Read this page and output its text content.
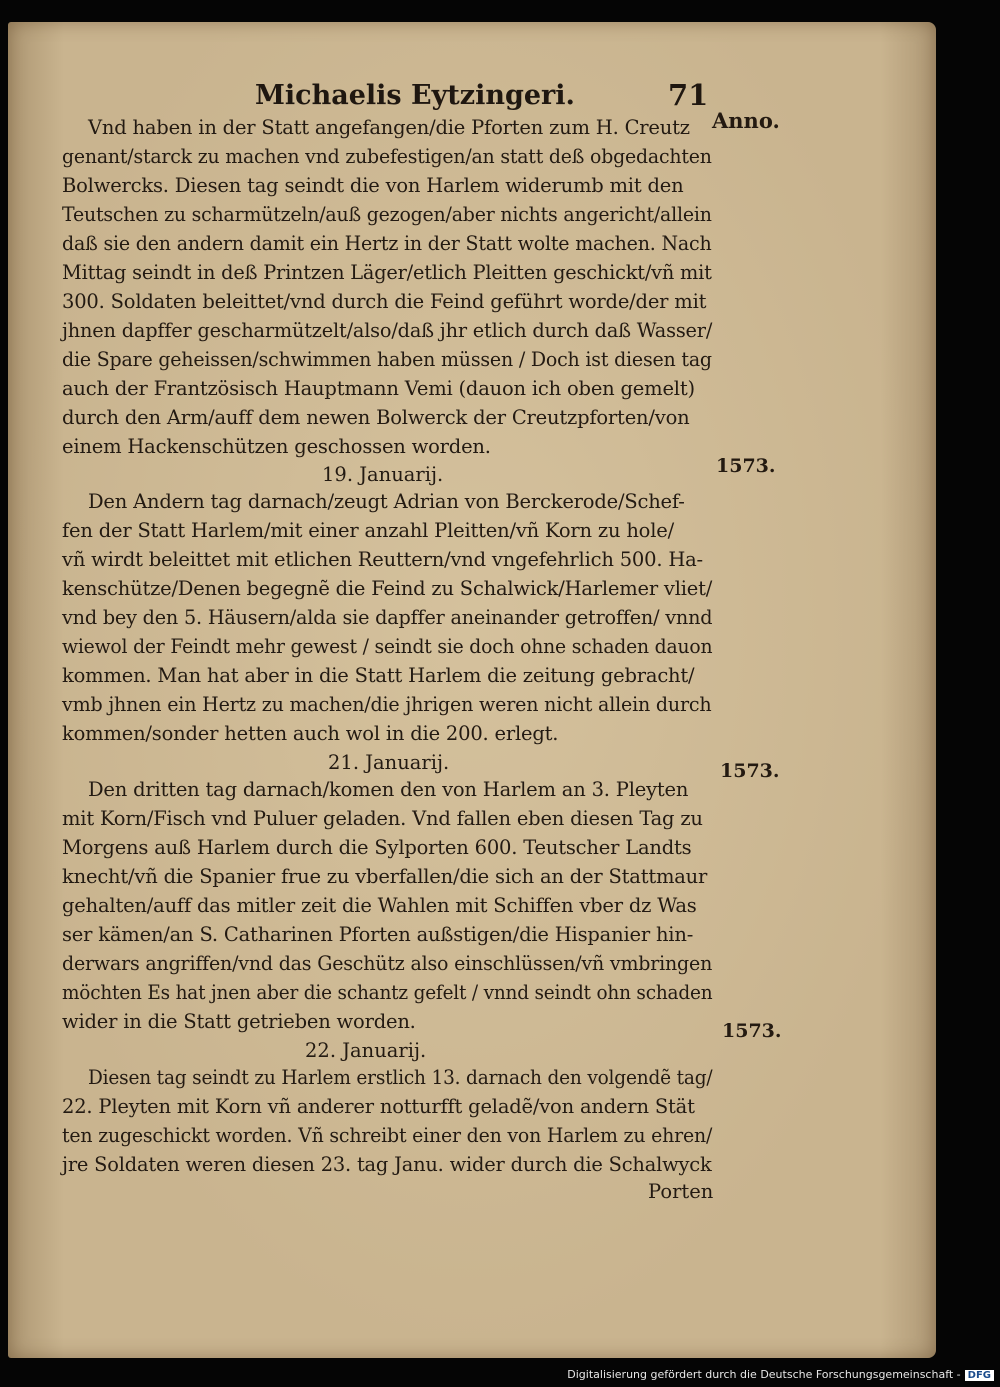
Michaelis Eytzingeri.	71
Anno.
Vnd haben in der Statt angefangen/die Pforten zum H. Creutz
genant/starck zu machen vnd zubefestigen/an statt deß obgedachten
Bolwercks. Diesen tag seindt die von Harlem widerumb mit den
Teutschen zu scharmützeln/auß gezogen/aber nichts angericht/allein
daß sie den andern damit ein Hertz in der Statt wolte machen. Nach
Mittag seindt in deß Printzen Läger/etlich Pleitten geschickt/vñ mit
300. Soldaten beleittet/vnd durch die Feind geführt worde/der mit
jhnen dapffer gescharmützelt/also/daß jhr etlich durch daß Wasser/
die Spare geheissen/schwimmen haben müssen / Doch ist diesen tag
auch der Frantzösisch Hauptmann Vemi (dauon ich oben gemelt)
durch den Arm/auff dem newen Bolwerck der Creutzpforten/von
einem Hackenschützen geschossen worden.
19. Januarij.	1573.
Den Andern tag darnach/zeugt Adrian von Berckerode/Schef-
fen der Statt Harlem/mit einer anzahl Pleitten/vñ Korn zu hole/
vñ wirdt beleittet mit etlichen Reuttern/vnd vngefehrlich 500. Ha-
kenschütze/Denen begegnẽ die Feind zu Schalwick/Harlemer vliet/
vnd bey den 5. Häusern/alda sie dapffer aneinander getroffen/ vnnd
wiewol der Feindt mehr gewest / seindt sie doch ohne schaden dauon
kommen. Man hat aber in die Statt Harlem die zeitung gebracht/
vmb jhnen ein Hertz zu machen/die jhrigen weren nicht allein durch
kommen/sonder hetten auch wol in die 200. erlegt.
21. Januarij.	1573.
Den dritten tag darnach/komen den von Harlem an 3. Pleyten
mit Korn/Fisch vnd Puluer geladen. Vnd fallen eben diesen Tag zu
Morgens auß Harlem durch die Sylporten 600. Teutscher Landts
knecht/vñ die Spanier frue zu vberfallen/die sich an der Stattmaur
gehalten/auff das mitler zeit die Wahlen mit Schiffen vber dz Was
ser kämen/an S. Catharinen Pforten außstigen/die Hispanier hin-
derwars angriffen/vnd das Geschütz also einschlüssen/vñ vmbringen
möchten Es hat jnen aber die schantz gefelt / vnnd seindt ohn schaden
wider in die Statt getrieben worden.
22. Januarij.
1573.
Diesen tag seindt zu Harlem erstlich 13. darnach den volgendẽ tag/
22. Pleyten mit Korn vñ anderer notturfft geladẽ/von andern Stät
ten zugeschickt worden. Vñ schreibt einer den von Harlem zu ehren/
jre Soldaten weren diesen 23. tag Janu. wider durch die Schalwyck
Porten
Digitalisierung gefördert durch die Deutsche Forschungsgemeinschaft - DFG
